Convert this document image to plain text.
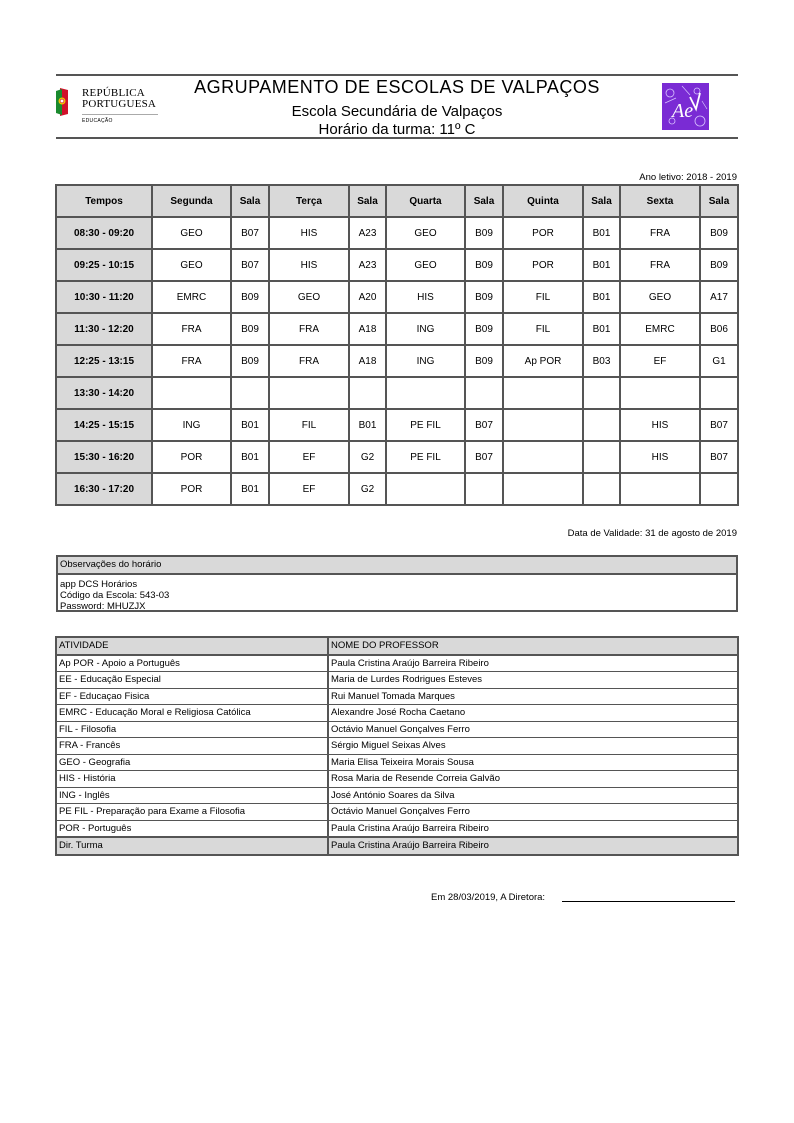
REPÚBLICA
PORTUGUESA
EDUCAÇÃO
AGRUPAMENTO DE ESCOLAS DE VALPAÇOS
Escola Secundária de Valpaços
Horário da turma: 11º C
Ae
Ano letivo: 2018 - 2019
Tempos	Segunda	Sala	Terça	Sala	Quarta	Sala	Quinta	Sala	Sexta	Sala
08:30 - 09:20	GEO	B07	HIS	A23	GEO	B09	POR	B01	FRA	B09
09:25 - 10:15	GEO	B07	HIS	A23	GEO	B09	POR	B01	FRA	B09
10:30 - 11:20	EMRC	B09	GEO	A20	HIS	B09	FIL	B01	GEO	A17
11:30 - 12:20	FRA	B09	FRA	A18	ING	B09	FIL	B01	EMRC	B06
12:25 - 13:15	FRA	B09	FRA	A18	ING	B09	Ap POR	B03	EF	G1
13:30 - 14:20										
14:25 - 15:15	ING	B01	FIL	B01	PE FIL	B07			HIS	B07
15:30 - 16:20	POR	B01	EF	G2	PE FIL	B07			HIS	B07
16:30 - 17:20	POR	B01	EF	G2						
Data de Validade: 31 de agosto de 2019
Observações do horário
app DCS Horários
Código da Escola: 543-03
Password: MHUZJX
ATIVIDADE	NOME DO PROFESSOR
Ap POR - Apoio a Português	Paula Cristina Araújo Barreira Ribeiro
EE - Educação Especial	Maria de Lurdes Rodrigues Esteves
EF - Educaçao Fisica	Rui Manuel Tomada Marques
EMRC - Educação Moral e Religiosa Católica	Alexandre José Rocha Caetano
FIL - Filosofia	Octávio Manuel Gonçalves Ferro
FRA - Francês	Sérgio Miguel Seixas Alves
GEO - Geografia	Maria Elisa Teixeira Morais Sousa
HIS - História	Rosa Maria de Resende Correia Galvão
ING - Inglês	José António Soares da Silva
PE FIL - Preparação para Exame a Filosofia	Octávio Manuel Gonçalves Ferro
POR - Português	Paula Cristina Araújo Barreira Ribeiro
Dir. Turma	Paula Cristina Araújo Barreira Ribeiro
Em 28/03/2019, A Diretora:
